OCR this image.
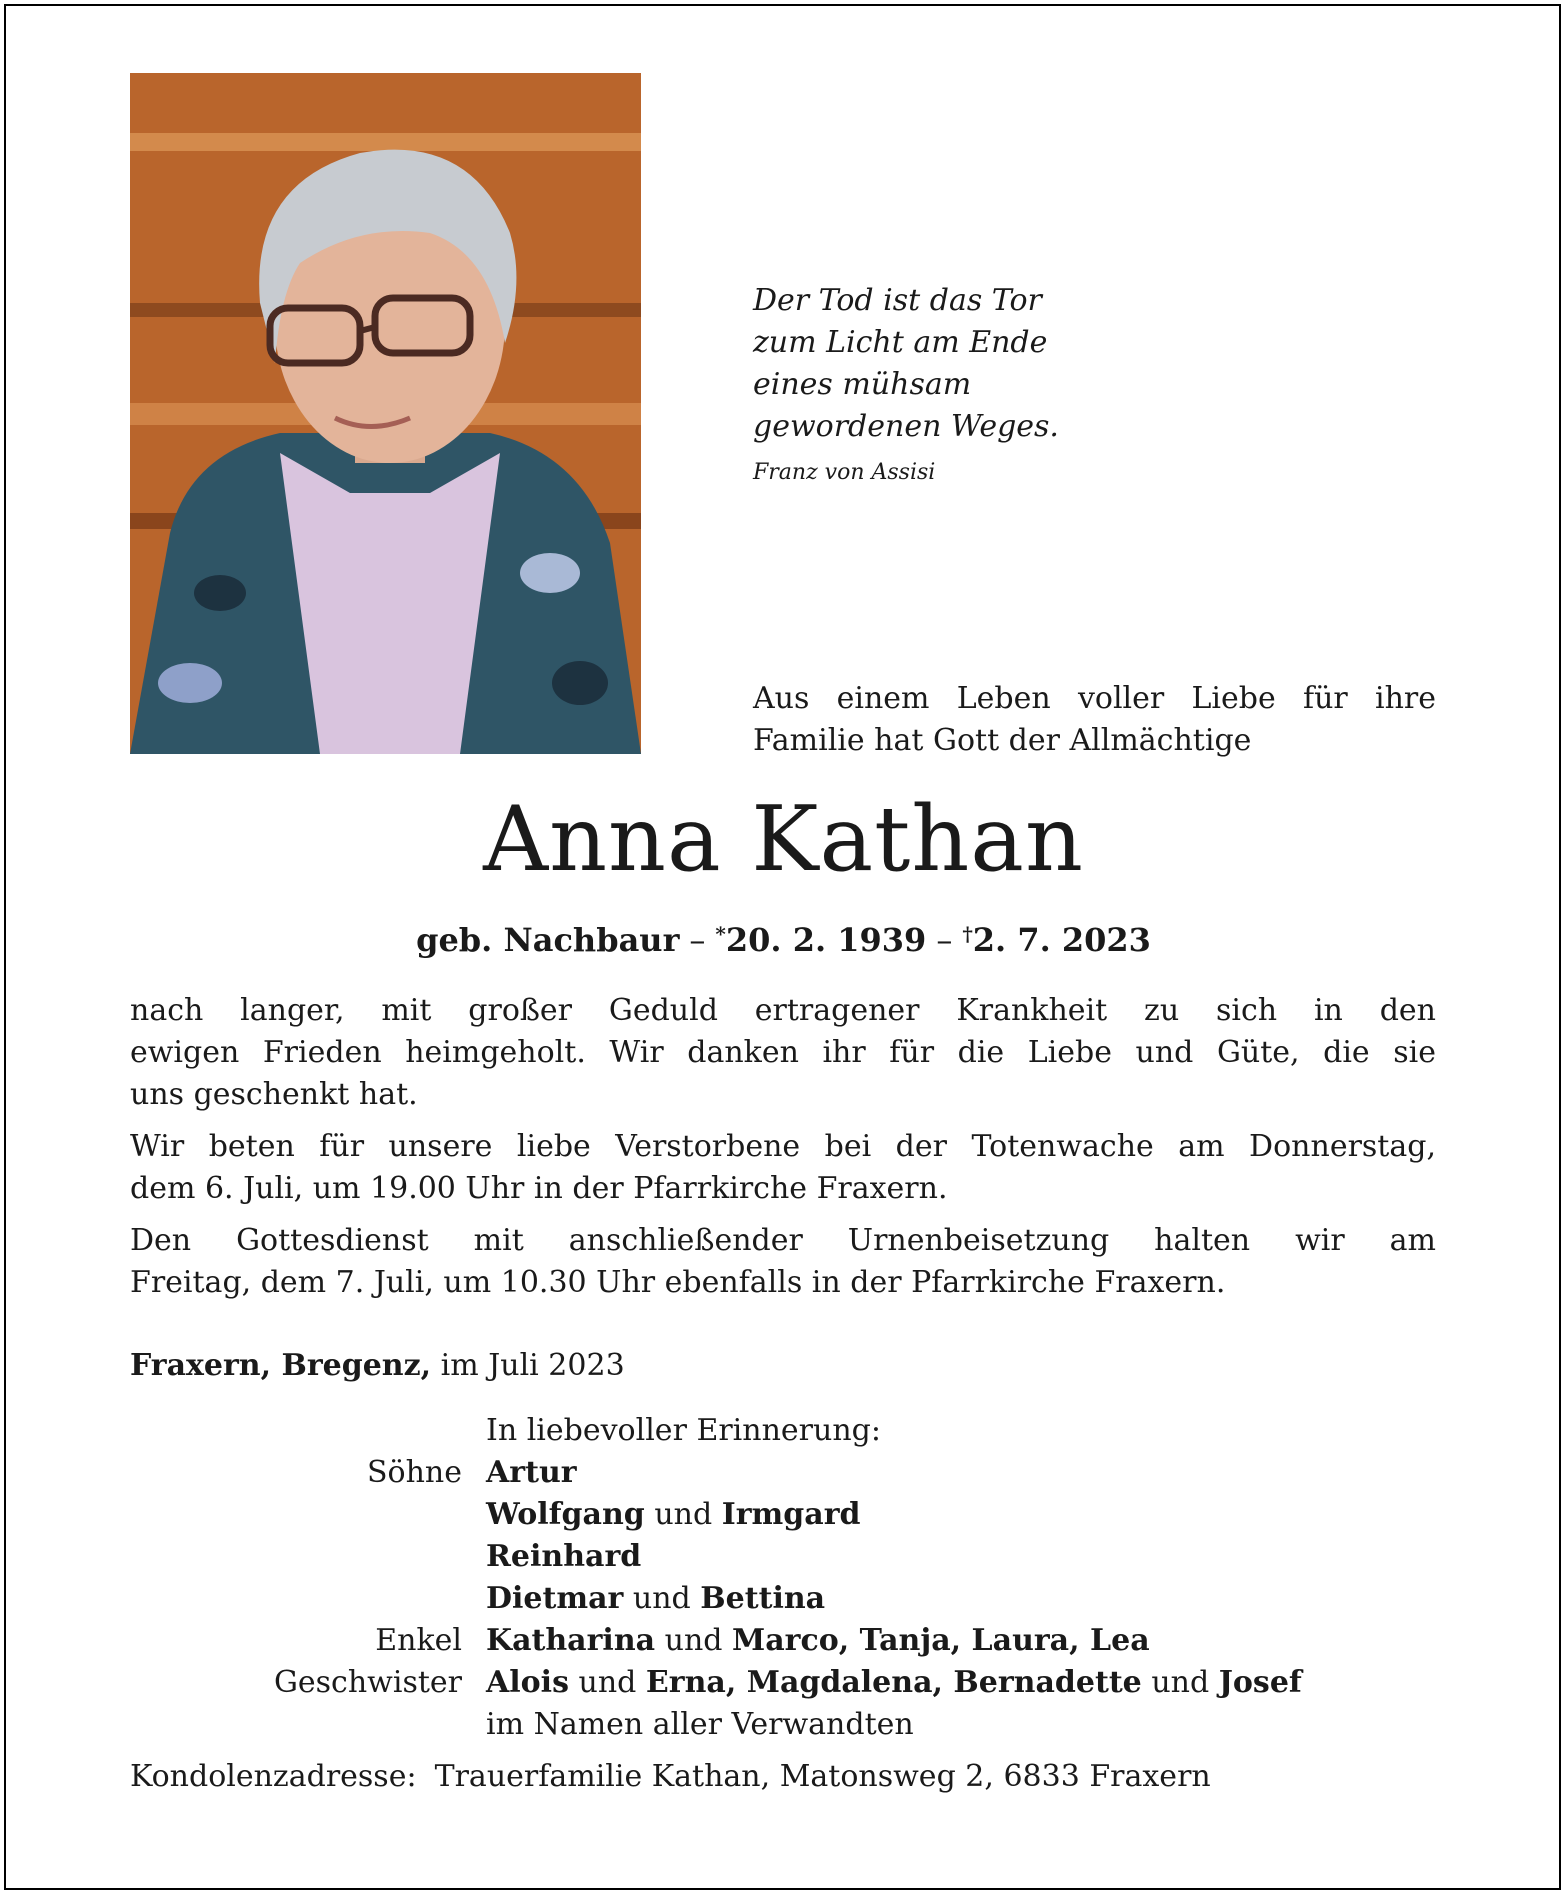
Der Tod ist das Tor
zum Licht am Ende
eines mühsam
gewordenen Weges.
Franz von Assisi
Aus einem Leben voller Liebe für ihre
Familie hat Gott der Allmächtige
Anna Kathan
geb. Nachbaur – *20. 2. 1939 – †2. 7. 2023

nach langer, mit großer Geduld ertragener Krankheit zu sich in den
ewigen Frieden heimgeholt. Wir danken ihr für die Liebe und Güte, die sie
uns geschenkt hat.

Wir beten für unsere liebe Verstorbene bei der Totenwache am Donnerstag,
dem 6. Juli, um 19.00 Uhr in der Pfarrkirche Fraxern.

Den Gottesdienst mit anschließender Urnenbeisetzung halten wir am
Freitag, dem 7. Juli, um 10.30 Uhr ebenfalls in der Pfarrkirche Fraxern.

Fraxern, Bregenz, im Juli 2023
In liebevoller Erinnerung:
Söhne Artur
Wolfgang und Irmgard
Reinhard
Dietmar und Bettina
Enkel Katharina und Marco, Tanja, Laura, Lea
Geschwister Alois und Erna, Magdalena, Bernadette und Josef
im Namen aller Verwandten
Kondolenzadresse: Trauerfamilie Kathan, Matonsweg 2, 6833 Fraxern
